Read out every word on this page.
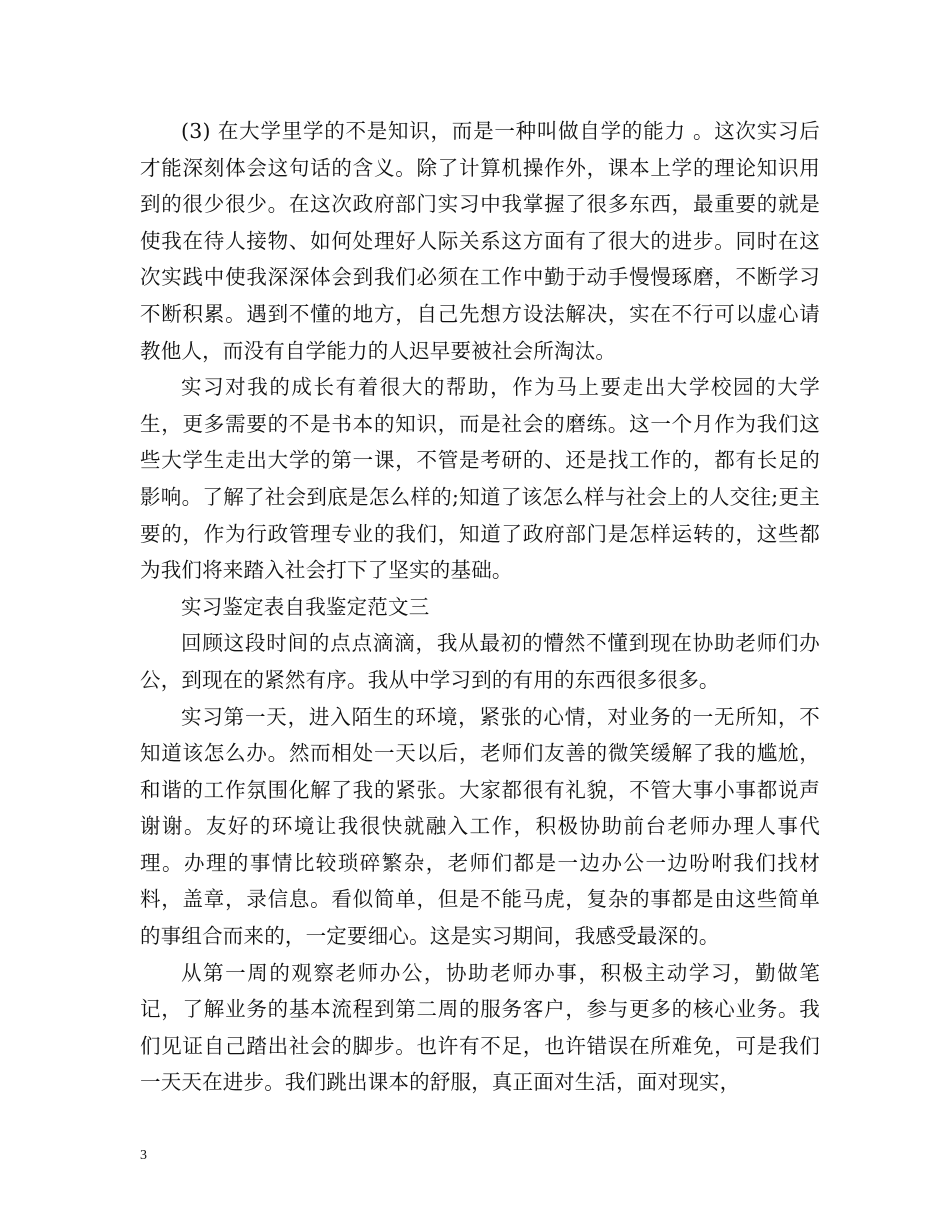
(3) 在大学里学的不是知识，而是一种叫做自学的能力 。这次实习后才能深刻体会这句话的含义。除了计算机操作外，课本上学的理论知识用到的很少很少。在这次政府部门实习中我掌握了很多东西，最重要的就是使我在待人接物、如何处理好人际关系这方面有了很大的进步。同时在这次实践中使我深深体会到我们必须在工作中勤于动手慢慢琢磨，不断学习不断积累。遇到不懂的地方，自己先想方设法解决，实在不行可以虚心请教他人，而没有自学能力的人迟早要被社会所淘汰。

实习对我的成长有着很大的帮助，作为马上要走出大学校园的大学生，更多需要的不是书本的知识，而是社会的磨练。这一个月作为我们这些大学生走出大学的第一课，不管是考研的、还是找工作的，都有长足的影响。了解了社会到底是怎么样的;知道了该怎么样与社会上的人交往;更主要的，作为行政管理专业的我们，知道了政府部门是怎样运转的，这些都为我们将来踏入社会打下了坚实的基础。

实习鉴定表自我鉴定范文三

回顾这段时间的点点滴滴，我从最初的懵然不懂到现在协助老师们办公，到现在的紧然有序。我从中学习到的有用的东西很多很多。

实习第一天，进入陌生的环境，紧张的心情，对业务的一无所知，不知道该怎么办。然而相处一天以后，老师们友善的微笑缓解了我的尴尬，和谐的工作氛围化解了我的紧张。大家都很有礼貌，不管大事小事都说声谢谢。友好的环境让我很快就融入工作，积极协助前台老师办理人事代理。办理的事情比较琐碎繁杂，老师们都是一边办公一边吩咐我们找材料，盖章，录信息。看似简单，但是不能马虎，复杂的事都是由这些简单的事组合而来的，一定要细心。这是实习期间，我感受最深的。

从第一周的观察老师办公，协助老师办事，积极主动学习，勤做笔记，了解业务的基本流程到第二周的服务客户，参与更多的核心业务。我们见证自己踏出社会的脚步。也许有不足，也许错误在所难免，可是我们一天天在进步。我们跳出课本的舒服，真正面对生活，面对现实，

3
